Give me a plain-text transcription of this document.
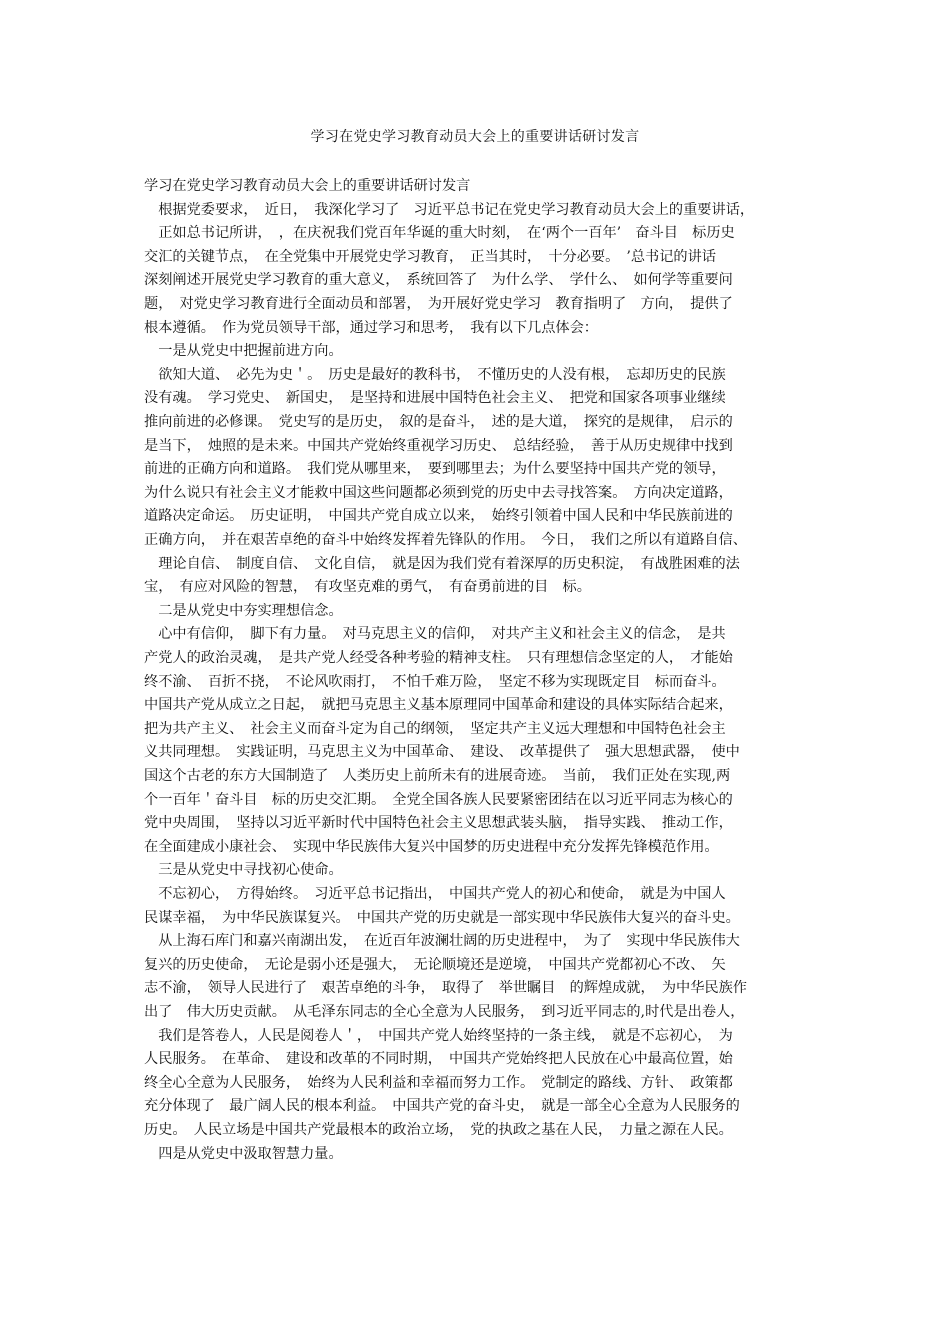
学习在党史学习教育动员大会上的重要讲话研讨发言
学习在党史学习教育动员大会上的重要讲话研讨发言
　根据党委要求，　近日，　我深化学习了　习近平总书记在党史学习教育动员大会上的重要讲话，
　正如总书记所讲，　，在庆祝我们党百年华诞的重大时刻，　在‘两个一百年’　奋斗目　标历史
交汇的关键节点，　在全党集中开展党史学习教育，　正当其时，　十分必要。　’总书记的讲话
深刻阐述开展党史学习教育的重大意义，　系统回答了　为什么学、　学什么、　如何学等重要问
题，　对党史学习教育进行全面动员和部署，　为开展好党史学习　教育指明了　方向，　提供了
根本遵循。　作为党员领导干部，通过学习和思考，　我有以下几点体会：
　一是从党史中把握前进方向。
　欲知大道、　必先为史＇。　历史是最好的教科书，　不懂历史的人没有根，　忘却历史的民族
没有魂。　学习党史、　新国史，　是坚持和进展中国特色社会主义、　把党和国家各项事业继续
推向前进的必修课。　党史写的是历史，　叙的是奋斗，　述的是大道，　探究的是规律，　启示的
是当下，　烛照的是未来。中国共产党始终重视学习历史、　总结经验，　善于从历史规律中找到
前进的正确方向和道路。　我们党从哪里来，　要到哪里去；为什么要坚持中国共产党的领导，
为什么说只有社会主义才能救中国这些问题都必须到党的历史中去寻找答案。　方向决定道路，
道路决定命运。　历史证明，　中国共产党自成立以来，　始终引领着中国人民和中华民族前进的
正确方向，　并在艰苦卓绝的奋斗中始终发挥着先锋队的作用。　今日，　我们之所以有道路自信、
　理论自信、　制度自信、　文化自信，　就是因为我们党有着深厚的历史积淀，　有战胜困难的法
宝，　有应对风险的智慧，　有攻坚克难的勇气，　有奋勇前进的目　标。
　二是从党史中夯实理想信念。
　心中有信仰，　脚下有力量。　对马克思主义的信仰，　对共产主义和社会主义的信念，　是共
产党人的政治灵魂，　是共产党人经受各种考验的精神支柱。　只有理想信念坚定的人，　才能始
终不渝、　百折不挠，　不论风吹雨打，　不怕千难万险，　坚定不移为实现既定目　标而奋斗。
中国共产党从成立之日起，　就把马克思主义基本原理同中国革命和建设的具体实际结合起来，
把为共产主义、　社会主义而奋斗定为自己的纲领，　坚定共产主义远大理想和中国特色社会主
义共同理想。　实践证明，马克思主义为中国革命、　建设、　改革提供了　强大思想武器，　使中
国这个古老的东方大国制造了　人类历史上前所未有的进展奇迹。　当前，　我们正处在实现,两
个一百年＇奋斗目　标的历史交汇期。　全党全国各族人民要紧密团结在以习近平同志为核心的
党中央周围，　坚持以习近平新时代中国特色社会主义思想武装头脑，　指导实践、　推动工作，
在全面建成小康社会、　实现中华民族伟大复兴中国梦的历史进程中充分发挥先锋模范作用。
　三是从党史中寻找初心使命。
　不忘初心，　方得始终。　习近平总书记指出，　中国共产党人的初心和使命，　就是为中国人
民谋幸福，　为中华民族谋复兴。　中国共产党的历史就是一部实现中华民族伟大复兴的奋斗史。
　从上海石库门和嘉兴南湖出发，　在近百年波澜壮阔的历史进程中，　为了　实现中华民族伟大
复兴的历史使命，　无论是弱小还是强大，　无论顺境还是逆境，　中国共产党都初心不改、　矢
志不渝，　领导人民进行了　艰苦卓绝的斗争，　取得了　举世瞩目　的辉煌成就，　为中华民族作
出了　伟大历史贡献。　从毛泽东同志的全心全意为人民服务，　到习近平同志的,时代是出卷人，
　我们是答卷人，人民是阅卷人＇，　中国共产党人始终坚持的一条主线，　就是不忘初心，　为
人民服务。　在革命、　建设和改革的不同时期，　中国共产党始终把人民放在心中最高位置，始
终全心全意为人民服务，　始终为人民利益和幸福而努力工作。　党制定的路线、方针、　政策都
充分体现了　最广阔人民的根本利益。　中国共产党的奋斗史，　就是一部全心全意为人民服务的
历史。　人民立场是中国共产党最根本的政治立场，　党的执政之基在人民，　力量之源在人民。
　四是从党史中汲取智慧力量。
